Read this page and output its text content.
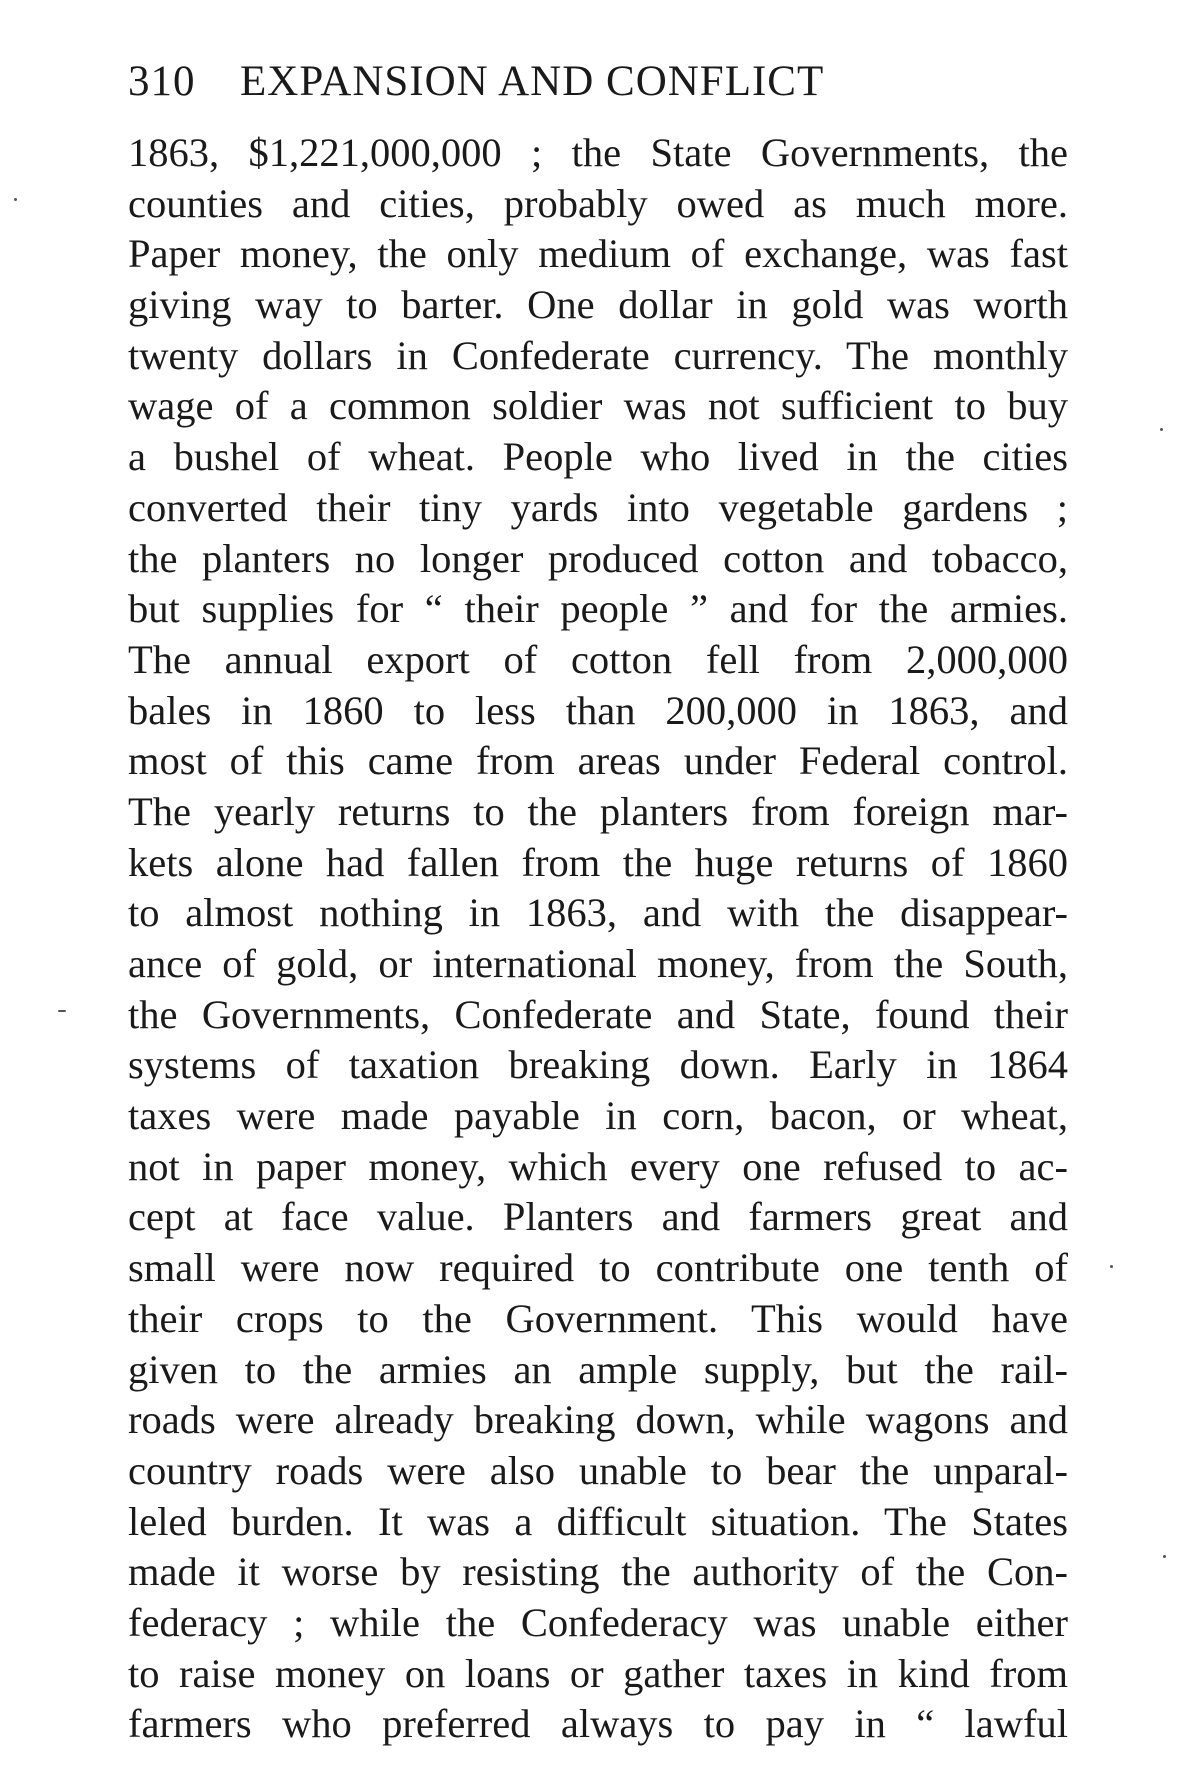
310 EXPANSION AND CONFLICT
1863, $1,221,000,000 ; the State Governments, the
counties and cities, probably owed as much more.
Paper money, the only medium of exchange, was fast
giving way to barter. One dollar in gold was worth
twenty dollars in Confederate currency. The monthly
wage of a common soldier was not sufficient to buy
a bushel of wheat. People who lived in the cities
converted their tiny yards into vegetable gardens ;
the planters no longer produced cotton and tobacco,
but supplies for “ their people ” and for the armies.
The annual export of cotton fell from 2,000,000
bales in 1860 to less than 200,000 in 1863, and
most of this came from areas under Federal control.
The yearly returns to the planters from foreign mar-
kets alone had fallen from the huge returns of 1860
to almost nothing in 1863, and with the disappear-
ance of gold, or international money, from the South,
the Governments, Confederate and State, found their
systems of taxation breaking down. Early in 1864
taxes were made payable in corn, bacon, or wheat,
not in paper money, which every one refused to ac-
cept at face value. Planters and farmers great and
small were now required to contribute one tenth of
their crops to the Government. This would have
given to the armies an ample supply, but the rail-
roads were already breaking down, while wagons and
country roads were also unable to bear the unparal-
leled burden. It was a difficult situation. The States
made it worse by resisting the authority of the Con-
federacy ; while the Confederacy was unable either
to raise money on loans or gather taxes in kind from
farmers who preferred always to pay in “ lawful
